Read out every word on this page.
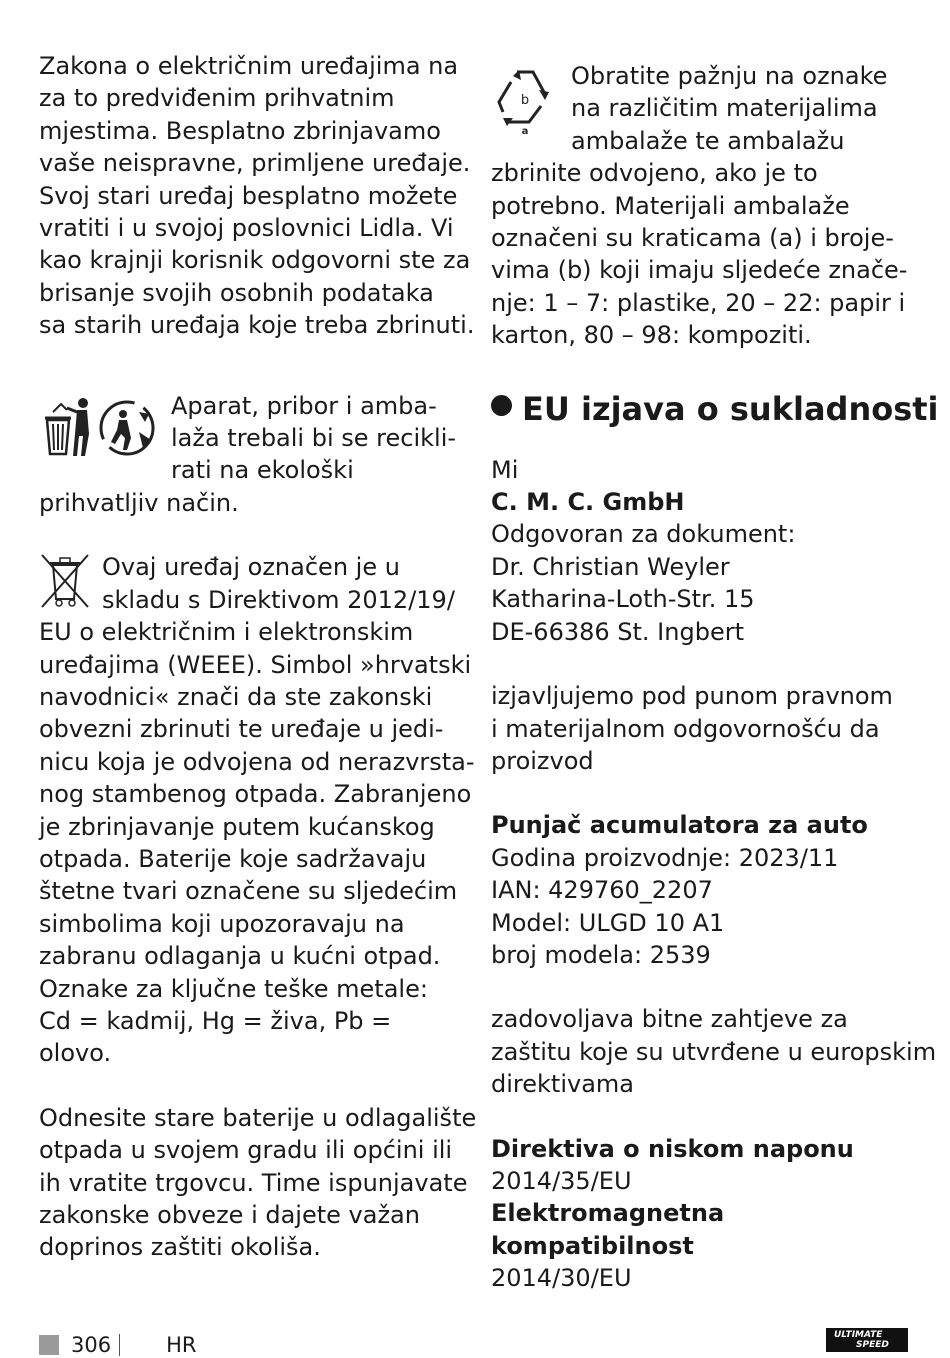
Zakona o električnim uređajima na
za to predviđenim prihvatnim
mjestima. Besplatno zbrinjavamo
vaše neispravne, primljene uređaje.
Svoj stari uređaj besplatno možete
vratiti i u svojoj poslovnici Lidla. Vi
kao krajnji korisnik odgovorni ste za
brisanje svojih osobnih podataka
sa starih uređaja koje treba zbrinuti.

Aparat, pribor i amba-
laža trebali bi se recikli-
rati na ekološki
prihvatljiv način.

Ovaj uređaj označen je u
skladu s Direktivom 2012/19/
EU o električnim i elektronskim
uređajima (WEEE). Simbol »hrvatski
navodnici« znači da ste zakonski
obvezni zbrinuti te uređaje u jedi-
nicu koja je odvojena od nerazvrsta-
nog stambenog otpada. Zabranjeno
je zbrinjavanje putem kućanskog
otpada. Baterije koje sadržavaju
štetne tvari označene su sljedećim
simbolima koji upozoravaju na
zabranu odlaganja u kućni otpad.
Oznake za ključne teške metale:
Cd = kadmij, Hg = živa, Pb =
olovo.

Odnesite stare baterije u odlagalište
otpada u svojem gradu ili općini ili
ih vratite trgovcu. Time ispunjavate
zakonske obveze i dajete važan
doprinos zaštiti okoliša.

b
a

Obratite pažnju na oznake
na različitim materijalima
ambalaže te ambalažu
zbrinite odvojeno, ako je to
potrebno. Materijali ambalaže
označeni su kraticama (a) i broje-
vima (b) koji imaju sljedeće znače-
nje: 1 – 7: plastike, 20 – 22: papir i
karton, 80 – 98: kompoziti.

EU izjava o sukladnosti

Mi
C. M. C. GmbH
Odgovoran za dokument:
Dr. Christian Weyler
Katharina-Loth-Str. 15
DE-66386 St. Ingbert

izjavljujemo pod punom pravnom
i materijalnom odgovornošću da
proizvod

Punjač acumulatora za auto
Godina proizvodnje: 2023/11
IAN: 429760_2207
Model: ULGD 10 A1
broj modela: 2539

zadovoljava bitne zahtjeve za
zaštitu koje su utvrđene u europskim
direktivama

Direktiva o niskom naponu
2014/35/EU
Elektromagnetna
kompatibilnost
2014/30/EU

306	HR	ULTIMATE
SPEED
